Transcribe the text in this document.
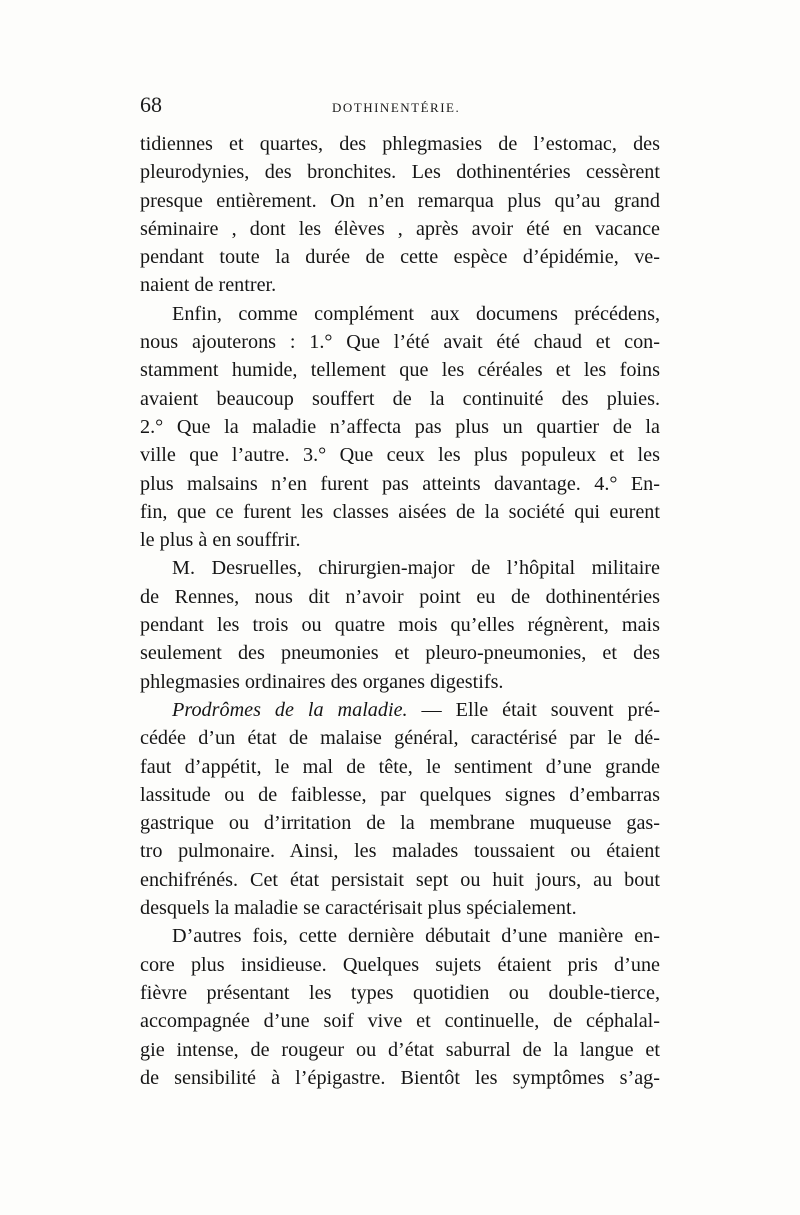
68	DOTHINENTÉRIE.
tidiennes et quartes, des phlegmasies de l’estomac, des
pleurodynies, des bronchites. Les dothinentéries cessèrent
presque entièrement. On n’en remarqua plus qu’au grand
séminaire , dont les élèves , après avoir été en vacance
pendant toute la durée de cette espèce d’épidémie, ve-
naient de rentrer.
Enfin, comme complément aux documens précédens,
nous ajouterons : 1.° Que l’été avait été chaud et con-
stamment humide, tellement que les céréales et les foins
avaient beaucoup souffert de la continuité des pluies.
2.° Que la maladie n’affecta pas plus un quartier de la
ville que l’autre. 3.° Que ceux les plus populeux et les
plus malsains n’en furent pas atteints davantage. 4.° En-
fin, que ce furent les classes aisées de la société qui eurent
le plus à en souffrir.
M. Desruelles, chirurgien-major de l’hôpital militaire
de Rennes, nous dit n’avoir point eu de dothinentéries
pendant les trois ou quatre mois qu’elles régnèrent, mais
seulement des pneumonies et pleuro-pneumonies, et des
phlegmasies ordinaires des organes digestifs.
Prodrômes de la maladie. — Elle était souvent pré-
cédée d’un état de malaise général, caractérisé par le dé-
faut d’appétit, le mal de tête, le sentiment d’une grande
lassitude ou de faiblesse, par quelques signes d’embarras
gastrique ou d’irritation de la membrane muqueuse gas-
tro pulmonaire. Ainsi, les malades toussaient ou étaient
enchifrénés. Cet état persistait sept ou huit jours, au bout
desquels la maladie se caractérisait plus spécialement.
D’autres fois, cette dernière débutait d’une manière en-
core plus insidieuse. Quelques sujets étaient pris d’une
fièvre présentant les types quotidien ou double-tierce,
accompagnée d’une soif vive et continuelle, de céphalal-
gie intense, de rougeur ou d’état saburral de la langue et
de sensibilité à l’épigastre. Bientôt les symptômes s’ag-
